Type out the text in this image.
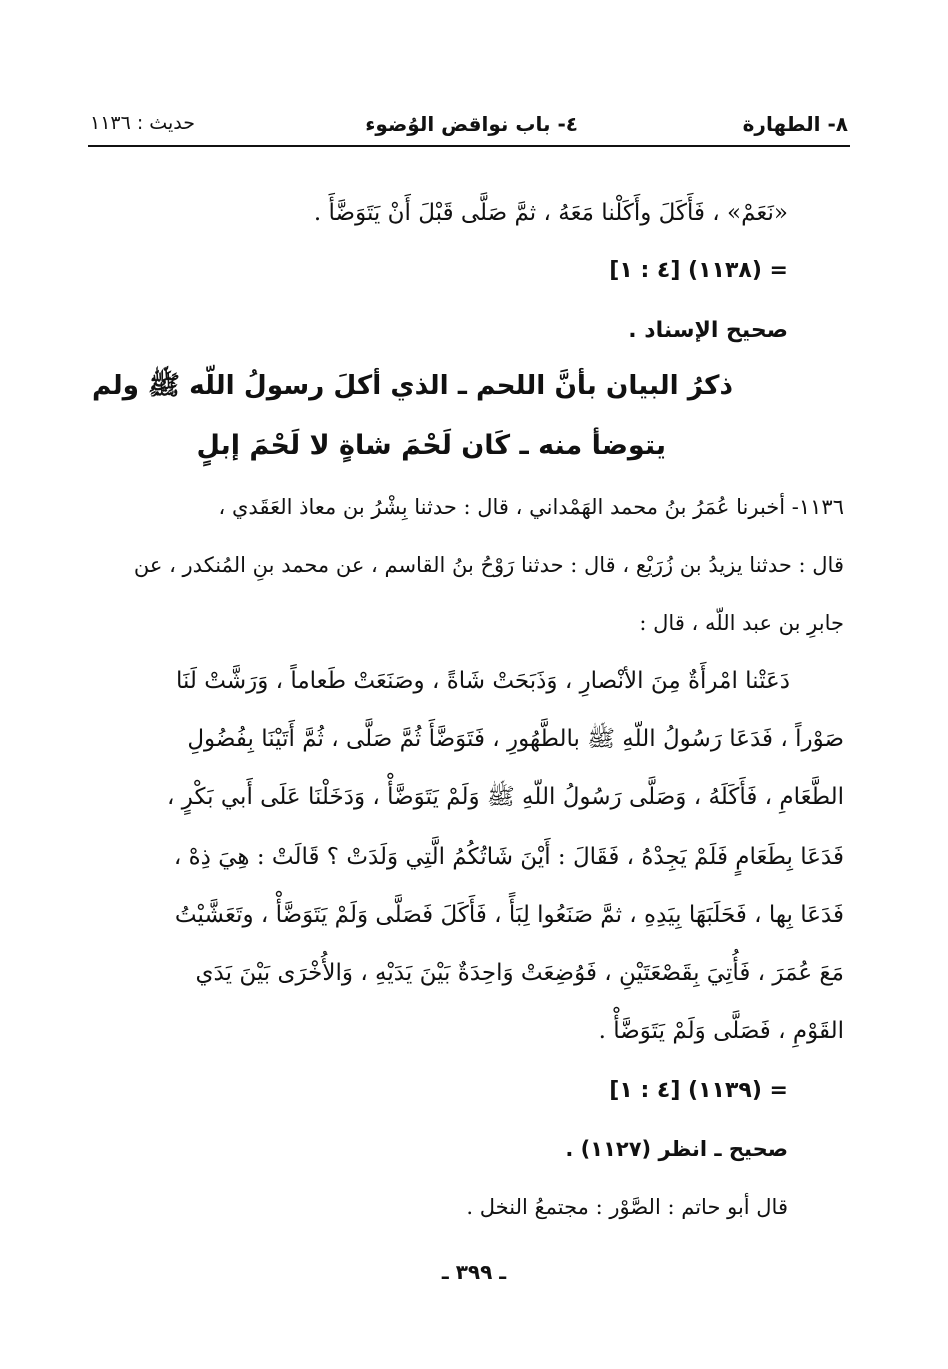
٨- الطهارة
٤- باب نواقض الوُضوء
حديث : ١١٣٦
«نَعَمْ» ، فَأَكَلَ وأَكَلْنا مَعَهُ ، ثمَّ صَلَّى قَبْلَ أَنْ يَتَوَضَّأَ .
= (١١٣٨) [٤ : ١]
صحيح الإسناد .
ذكرُ البيان بأنَّ اللحم ـ الذي أكلَ رسولُ اللّه ﷺ ولم
يتوضأ منه ـ كَان لَحْمَ شاةٍ لا لَحْمَ إبلٍ
١١٣٦- أخبرنا عُمَرُ بنُ محمد الهَمْداني ، قال : حدثنا بِشْرُ بن معاذ العَقَدي ،
قال : حدثنا يزيدُ بن زُرَيْع ، قال : حدثنا رَوْحُ بنُ القاسم ، عن محمد بنِ المُنكدر ، عن
جابرِ بن عبد اللّه ، قال :
دَعَتْنا امْرأَةٌ مِنَ الأنْصارِ ، وَذَبَحَتْ شَاةً ، وصَنَعَتْ طَعاماً ، وَرَشَّتْ لَنَا
صَوْراً ، فَدَعَا رَسُولُ اللّهِ ﷺ بالطَّهُورِ ، فَتَوَضَّأَ ثُمَّ صَلَّى ، ثُمَّ أَتَيْنَا بِفُضُولِ
الطَّعَامِ ، فَأَكَلَهُ ، وَصَلَّى رَسُولُ اللّهِ ﷺ وَلَمْ يَتَوَضَّأْ ، وَدَخَلْنَا عَلَى أَبي بَكْرٍ ،
فَدَعَا بِطَعَامٍ فَلَمْ يَجِدْهُ ، فَقَالَ : أَيْنَ شَاتُكُمُ الَّتِي وَلَدَتْ ؟ قَالَتْ : هِيَ ذِهْ ،
فَدَعَا بِها ، فَحَلَبَهَا بِيَدِهِ ، ثمَّ صَنَعُوا لِبَأً ، فَأَكَلَ فَصَلَّى وَلَمْ يَتَوَضَّأْ ، وتَعَشَّيْتُ
مَعَ عُمَرَ ، فَأُتِيَ بِقَصْعَتَيْنِ ، فَوُضِعَتْ وَاحِدَةٌ بَيْنَ يَدَيْهِ ، وَالأُخْرَى بَيْنَ يَدَي
القَوْمِ ، فَصَلَّى وَلَمْ يَتَوَضَّأْ .
= (١١٣٩) [٤ : ١]
صحيح ـ انظر (١١٢٧) .
قال أبو حاتم : الصَّوْر : مجتمعُ النخل .
ـ ٣٩٩ ـ
